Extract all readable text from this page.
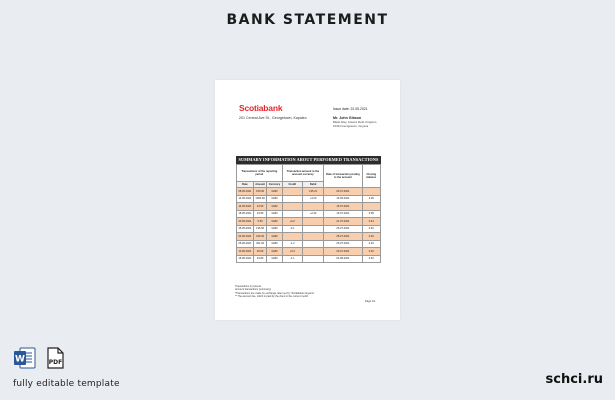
BANK STATEMENT
Scotiabank
201 Central Ave St., Georgetown, Kapaleo
Issue date: 22.05.2021
Mr. John Gibson
Blank Alley, Anterra Field, Kingston, 10444 Georgetown, Guyana
SUMMARY INFORMATION ABOUT PERFORMED TRANSACTIONS
Transactions of the reporting period			Transaction amount in the account currency		Date of transaction posting to the account	Closing balance
Date	Amount	Currency	Credit	Debit		
08.05.2021	150.00	GMD		135.21	09.07.2021	
14.05.2021	1000.00	GMD		+3.20	16.05.2021	3.00
14.05.2021	31.50	GMD			15.07.2021	
18.05.2021	24.50	GMD		+2.32	19.07.2021	0.95
20.05.2021	5.50	GMD	+0.2		21.07.2021	0.44
25.05.2021	136.50	GMD	-2.1		26.07.2021	0.40
02.06.2021	106.00	GMD			28.07.2021	0.40
05.06.2021	301.00	GMD	-1.2		29.07.2021	0.40
10.06.2021	45.60	GMD	+0.3		30.07.2021	0.40
15.06.2021	91.80	GMD	-1.1		04.08.2021	0.40
Transactions in process
Account transactions (summary)
*Transactions are made by exchange rates set by "Scotiabank Guyana"
** The account fee, which is paid by the client in the current month
Page 1/1
W	PDF
fully editable template	schci.ru
